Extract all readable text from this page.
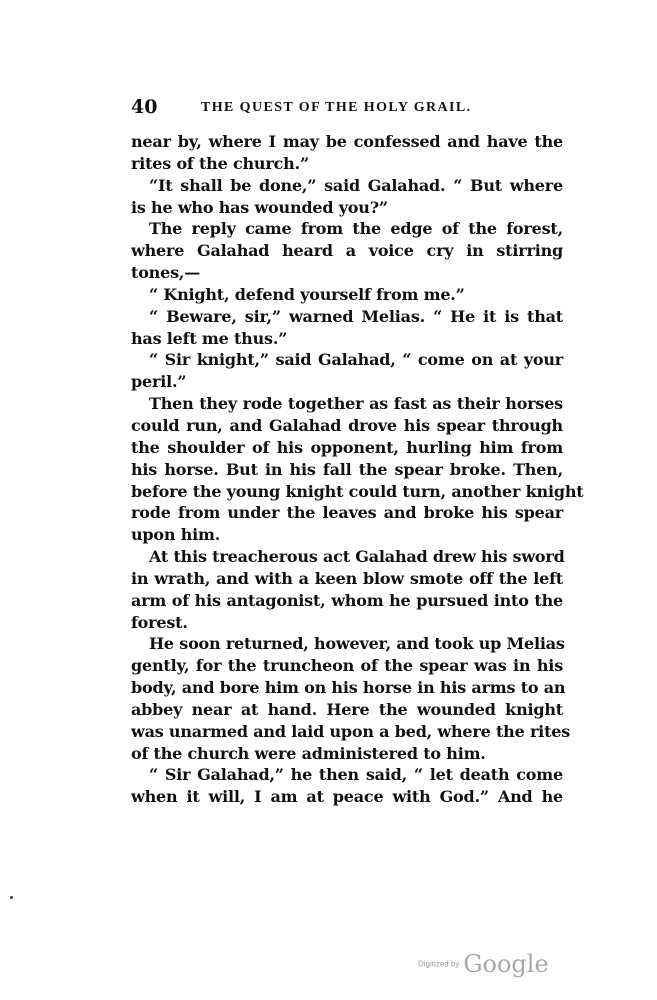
40	THE QUEST OF THE HOLY GRAIL.
near by, where I may be confessed and have the
rites of the church.”
“It shall be done,” said Galahad. “ But where
is he who has wounded you?”
The reply came from the edge of the forest,
where Galahad heard a voice cry in stirring
tones,—
“ Knight, defend yourself from me.”
“ Beware, sir,” warned Melias. “ He it is that
has left me thus.”
“ Sir knight,” said Galahad, “ come on at your
peril.”
Then they rode together as fast as their horses
could run, and Galahad drove his spear through
the shoulder of his opponent, hurling him from
his horse. But in his fall the spear broke. Then,
before the young knight could turn, another knight
rode from under the leaves and broke his spear
upon him.
At this treacherous act Galahad drew his sword
in wrath, and with a keen blow smote off the left
arm of his antagonist, whom he pursued into the
forest.
He soon returned, however, and took up Melias
gently, for the truncheon of the spear was in his
body, and bore him on his horse in his arms to an
abbey near at hand. Here the wounded knight
was unarmed and laid upon a bed, where the rites
of the church were administered to him.
“ Sir Galahad,” he then said, “ let death come
when it will, I am at peace with God.” And he
Digitized by Google
